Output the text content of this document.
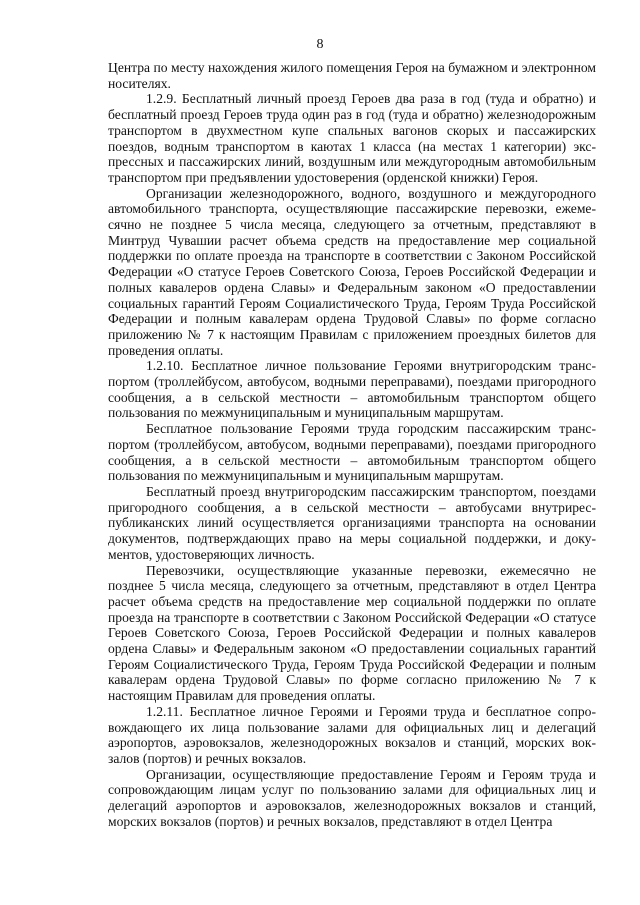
8

Центра по месту нахождения жилого помещения Героя на бумажном и электронном носителях.

1.2.9. Бесплатный личный проезд Героев два раза в год (туда и обратно) и бесплатный проезд Героев труда один раз в год (туда и обратно) железнодорожным транспортом в двухместном купе спальных вагонов скорых и пассажирских поездов, водным транспортом в каютах 1 класса (на местах 1 категории) экспрессных и пассажирских линий, воздушным или междугородным автомобильным транспортом при предъявлении удостоверения (орденской книжки) Героя.

Организации железнодорожного, водного, воздушного и междугородного автомобильного транспорта, осуществляющие пассажирские перевозки, ежемесячно не позднее 5 числа месяца, следующего за отчетным, представляют в Минтруд Чувашии расчет объема средств на предоставление мер социальной поддержки по оплате проезда на транспорте в соответствии с Законом Российской Федерации «О статусе Героев Советского Союза, Героев Российской Федерации и полных кавалеров ордена Славы» и Федеральным законом «О предоставлении социальных гарантий Героям Социалистического Труда, Героям Труда Российской Федерации и полным кавалерам ордена Трудовой Славы» по форме согласно приложению № 7 к настоящим Правилам с приложением проездных билетов для проведения оплаты.

1.2.10. Бесплатное личное пользование Героями внутригородским транспортом (троллейбусом, автобусом, водными переправами), поездами пригородного сообщения, а в сельской местности – автомобильным транспортом общего пользования по межмуниципальным и муниципальным маршрутам.

Бесплатное пользование Героями труда городским пассажирским транспортом (троллейбусом, автобусом, водными переправами), поездами пригородного сообщения, а в сельской местности – автомобильным транспортом общего пользования по межмуниципальным и муниципальным маршрутам.

Бесплатный проезд внутригородским пассажирским транспортом, поездами пригородного сообщения, а в сельской местности – автобусами внутриреспубликанских линий осуществляется организациями транспорта на основании документов, подтверждающих право на меры социальной поддержки, и документов, удостоверяющих личность.

Перевозчики, осуществляющие указанные перевозки, ежемесячно не позднее 5 числа месяца, следующего за отчетным, представляют в отдел Центра расчет объема средств на предоставление мер социальной поддержки по оплате проезда на транспорте в соответствии с Законом Российской Федерации «О статусе Героев Советского Союза, Героев Российской Федерации и полных кавалеров ордена Славы» и Федеральным законом «О предоставлении социальных гарантий Героям Социалистического Труда, Героям Труда Российской Федерации и полным кавалерам ордена Трудовой Славы» по форме согласно приложению № 7 к настоящим Правилам для проведения оплаты.

1.2.11. Бесплатное личное Героями и Героями труда и бесплатное сопровождающего их лица пользование залами для официальных лиц и делегаций аэропортов, аэровокзалов, железнодорожных вокзалов и станций, морских вокзалов (портов) и речных вокзалов.

Организации, осуществляющие предоставление Героям и Героям труда и сопровождающим лицам услуг по пользованию залами для официальных лиц и делегаций аэропортов и аэровокзалов, железнодорожных вокзалов и станций, морских вокзалов (портов) и речных вокзалов, представляют в отдел Центра
